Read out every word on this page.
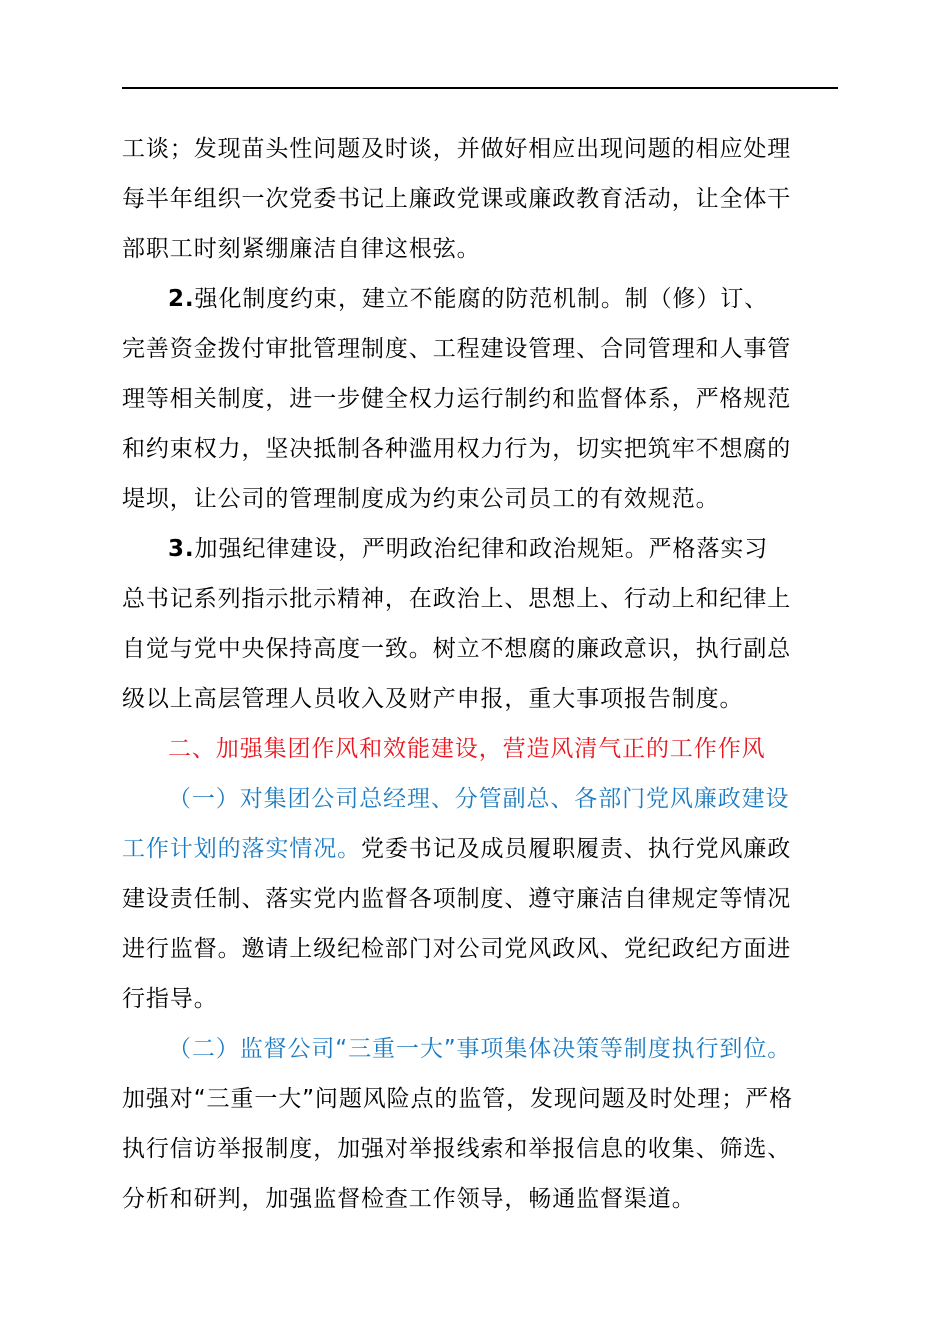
工谈；发现苗头性问题及时谈，并做好相应出现问题的相应处理
每半年组织一次党委书记上廉政党课或廉政教育活动，让全体干
部职工时刻紧绷廉洁自律这根弦。
2.强化制度约束，建立不能腐的防范机制。制（修）订、
完善资金拨付审批管理制度、工程建设管理、合同管理和人事管
理等相关制度，进一步健全权力运行制约和监督体系，严格规范
和约束权力，坚决抵制各种滥用权力行为，切实把筑牢不想腐的
堤坝，让公司的管理制度成为约束公司员工的有效规范。
3.加强纪律建设，严明政治纪律和政治规矩。严格落实习
总书记系列指示批示精神，在政治上、思想上、行动上和纪律上
自觉与党中央保持高度一致。树立不想腐的廉政意识，执行副总
级以上高层管理人员收入及财产申报，重大事项报告制度。
二、加强集团作风和效能建设，营造风清气正的工作作风
（一）对集团公司总经理、分管副总、各部门党风廉政建设
工作计划的落实情况。党委书记及成员履职履责、执行党风廉政
建设责任制、落实党内监督各项制度、遵守廉洁自律规定等情况
进行监督。邀请上级纪检部门对公司党风政风、党纪政纪方面进
行指导。
（二）监督公司“三重一大”事项集体决策等制度执行到位。
加强对“三重一大”问题风险点的监管，发现问题及时处理；严格
执行信访举报制度，加强对举报线索和举报信息的收集、筛选、
分析和研判，加强监督检查工作领导，畅通监督渠道。
